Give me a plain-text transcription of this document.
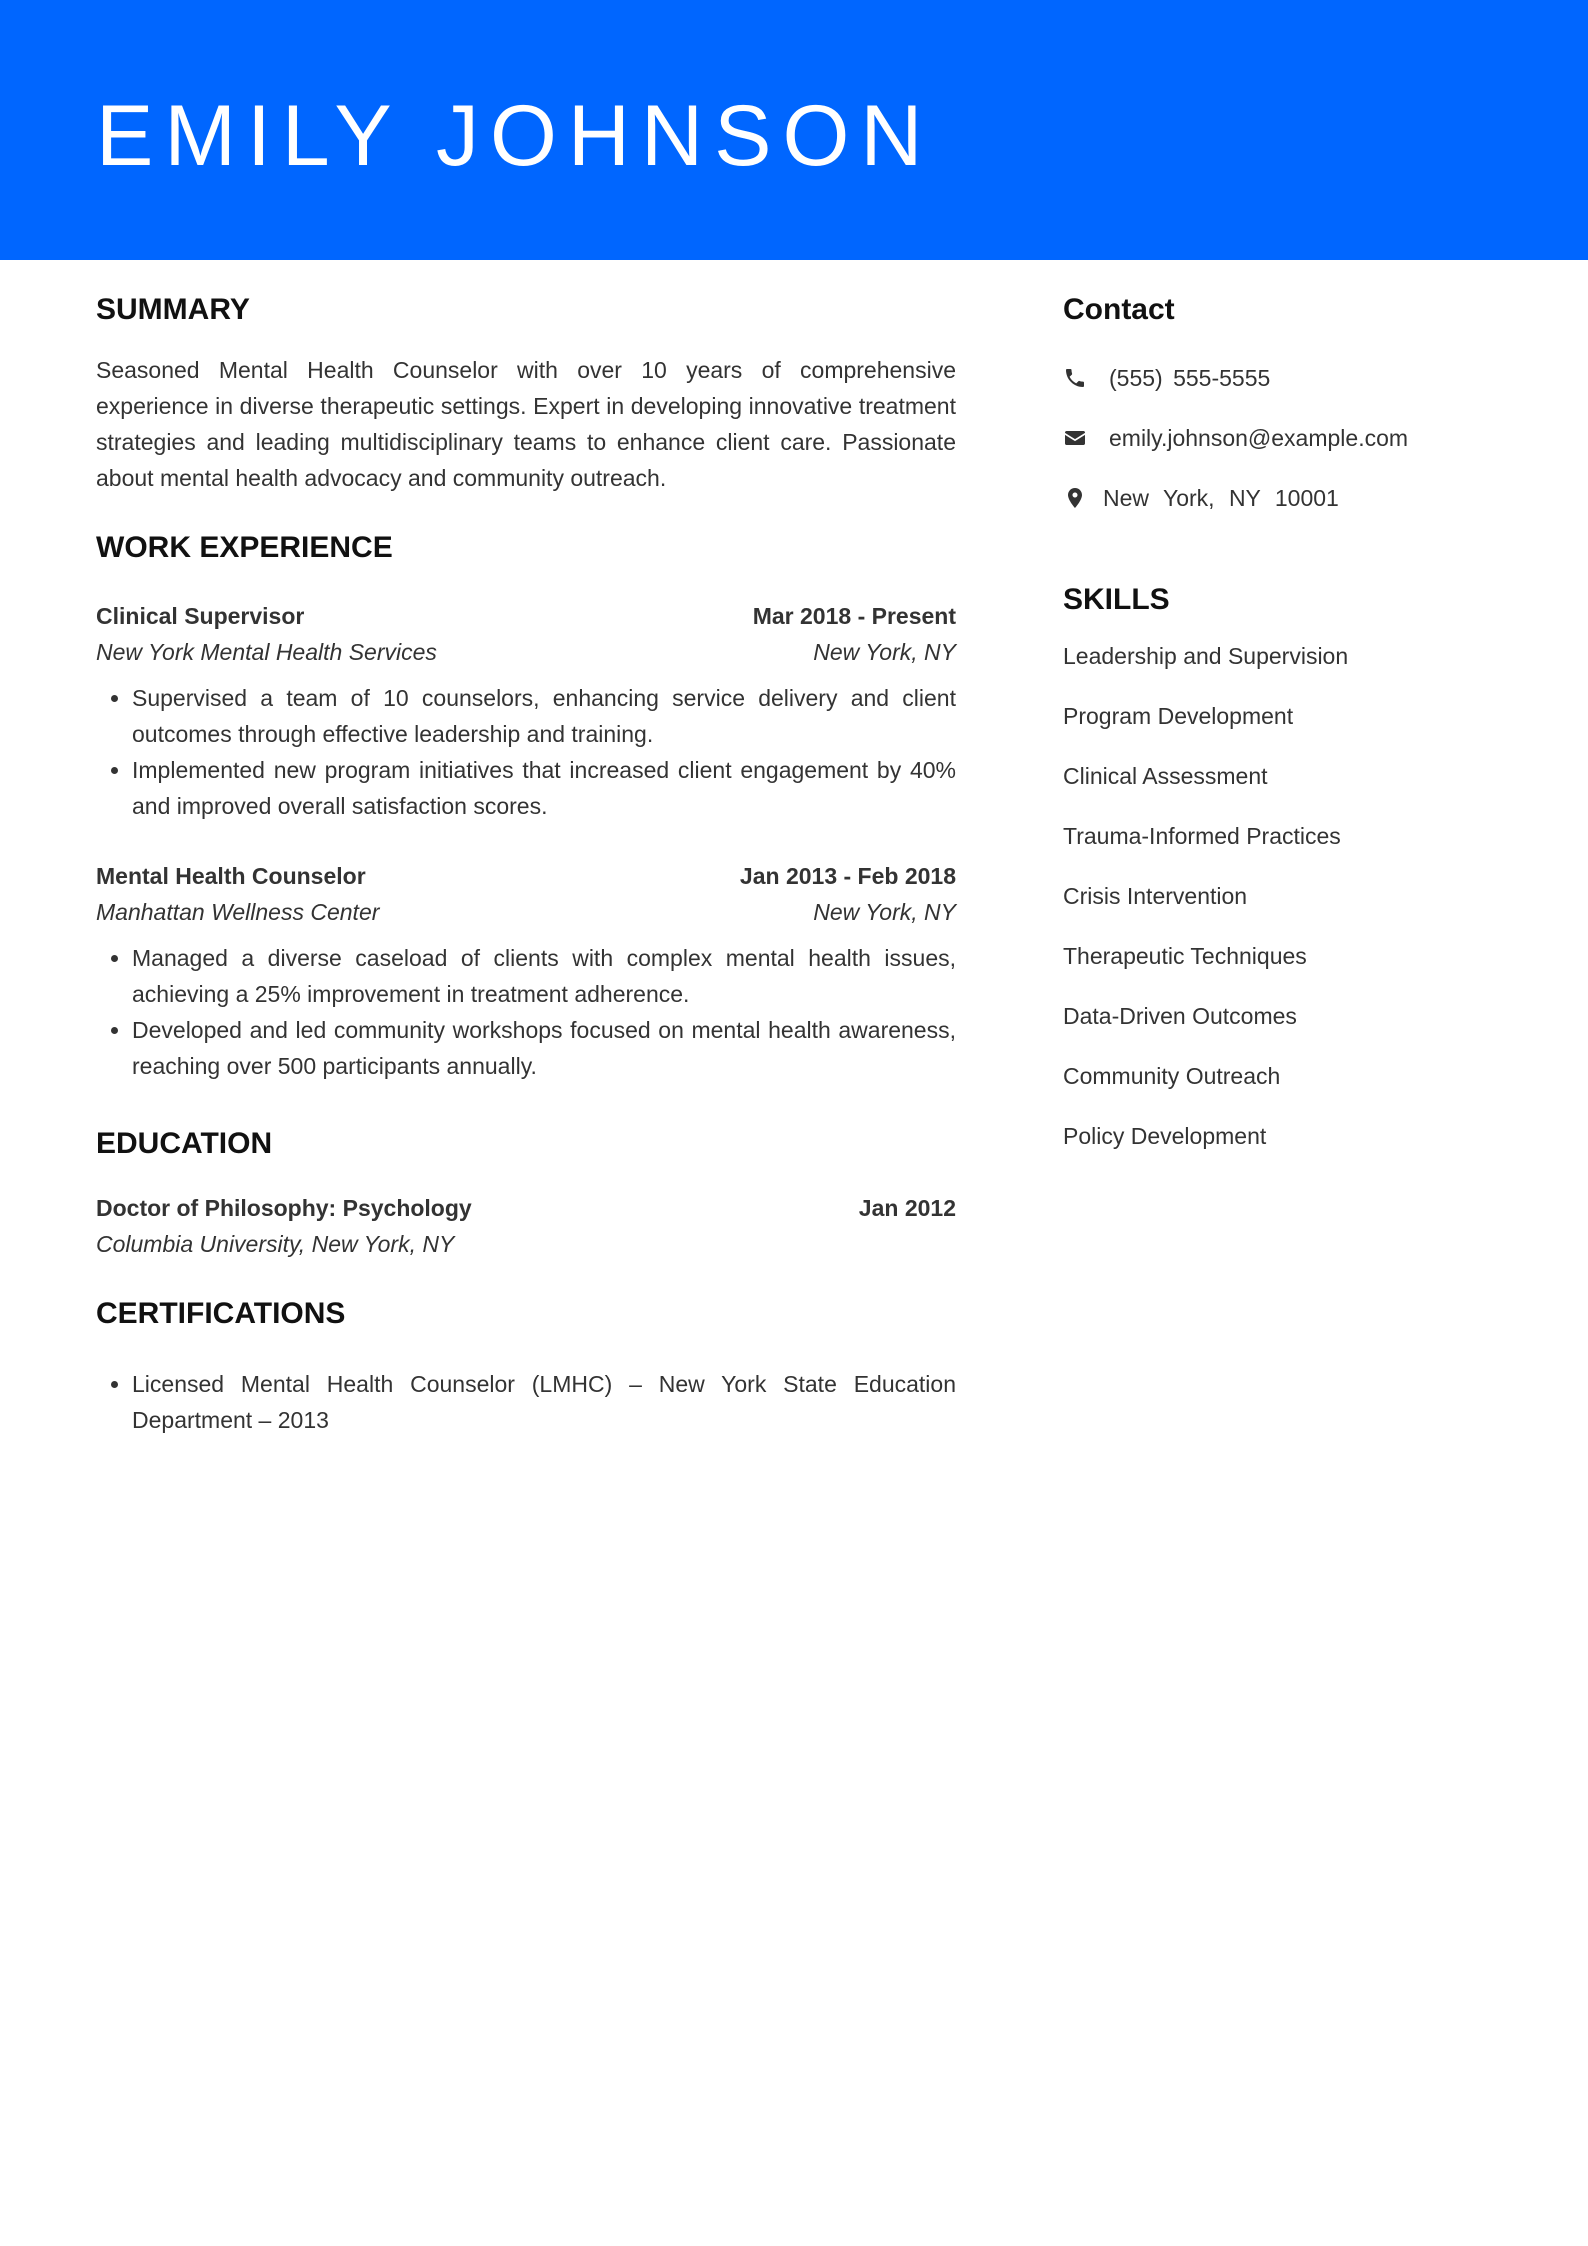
EMILY JOHNSON
SUMMARY

Seasoned Mental Health Counselor with over 10 years of comprehensive experience in diverse therapeutic settings. Expert in developing innovative treatment strategies and leading multidisciplinary teams to enhance client care. Passionate about mental health advocacy and community outreach.

WORK EXPERIENCE
Clinical Supervisor	Mar 2018 - Present
New York Mental Health Services	New York, NY
• Supervised a team of 10 counselors, enhancing service delivery and client outcomes through effective leadership and training.
• Implemented new program initiatives that increased client engagement by 40% and improved overall satisfaction scores.
Mental Health Counselor	Jan 2013 - Feb 2018
Manhattan Wellness Center	New York, NY
• Managed a diverse caseload of clients with complex mental health issues, achieving a 25% improvement in treatment adherence.
• Developed and led community workshops focused on mental health awareness, reaching over 500 participants annually.
EDUCATION
Doctor of Philosophy: Psychology	Jan 2012
Columbia University, New York, NY
CERTIFICATIONS
• Licensed Mental Health Counselor (LMHC) – New York State Education Department – 2013
Contact
(555) 555-5555
emily.johnson@example.com
New York, NY 10001
SKILLS
Leadership and Supervision
Program Development
Clinical Assessment
Trauma-Informed Practices
Crisis Intervention
Therapeutic Techniques
Data-Driven Outcomes
Community Outreach
Policy Development
